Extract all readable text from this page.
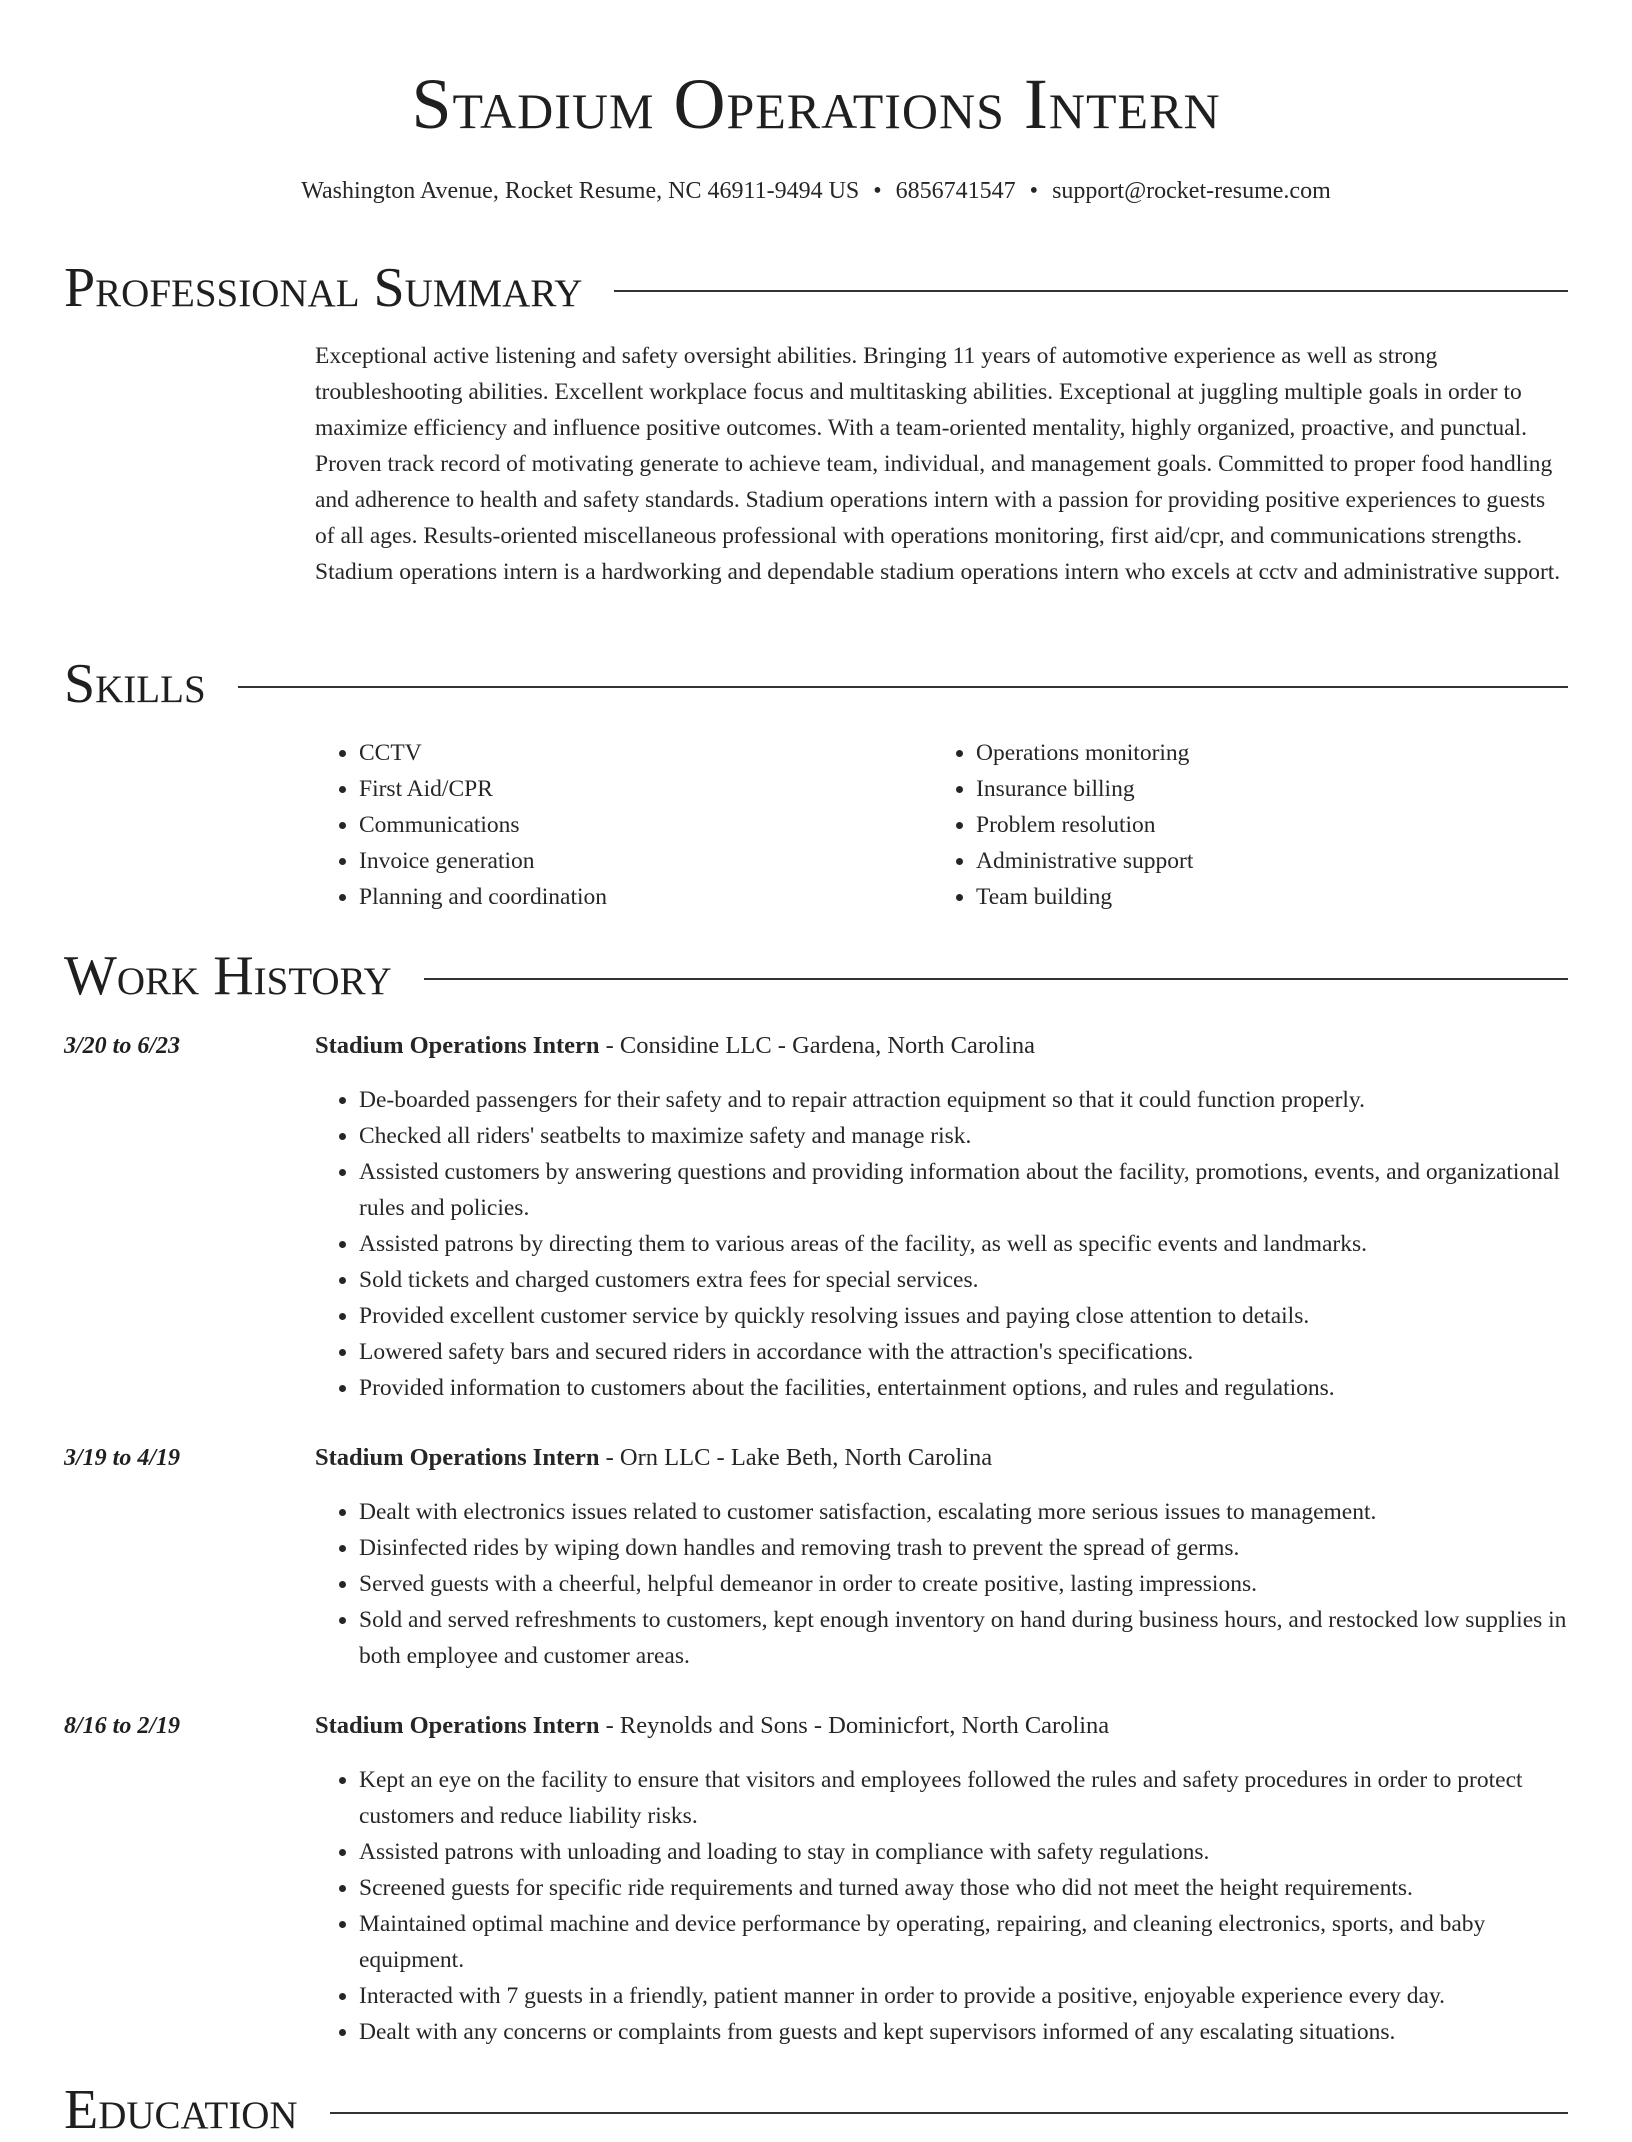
Stadium Operations Intern
Washington Avenue, Rocket Resume, NC 46911-9494 US • 6856741547 • support@rocket-resume.com
Professional Summary

Exceptional active listening and safety oversight abilities. Bringing 11 years of automotive experience as well as strong troubleshooting abilities. Excellent workplace focus and multitasking abilities. Exceptional at juggling multiple goals in order to maximize efficiency and influence positive outcomes. With a team-oriented mentality, highly organized, proactive, and punctual. Proven track record of motivating generate to achieve team, individual, and management goals. Committed to proper food handling and adherence to health and safety standards. Stadium operations intern with a passion for providing positive experiences to guests of all ages. Results-oriented miscellaneous professional with operations monitoring, first aid/cpr, and communications strengths. Stadium operations intern is a hardworking and dependable stadium operations intern who excels at cctv and administrative support.

Skills
• CCTV
• First Aid/CPR
• Communications
• Invoice generation
• Planning and coordination
• Operations monitoring
• Insurance billing
• Problem resolution
• Administrative support
• Team building
Work History
3/20 to 6/23	Stadium Operations Intern - Considine LLC - Gardena, North Carolina
• De-boarded passengers for their safety and to repair attraction equipment so that it could function properly.
• Checked all riders' seatbelts to maximize safety and manage risk.
• Assisted customers by answering questions and providing information about the facility, promotions, events, and organizational rules and policies.
• Assisted patrons by directing them to various areas of the facility, as well as specific events and landmarks.
• Sold tickets and charged customers extra fees for special services.
• Provided excellent customer service by quickly resolving issues and paying close attention to details.
• Lowered safety bars and secured riders in accordance with the attraction's specifications.
• Provided information to customers about the facilities, entertainment options, and rules and regulations.
3/19 to 4/19	Stadium Operations Intern - Orn LLC - Lake Beth, North Carolina
• Dealt with electronics issues related to customer satisfaction, escalating more serious issues to management.
• Disinfected rides by wiping down handles and removing trash to prevent the spread of germs.
• Served guests with a cheerful, helpful demeanor in order to create positive, lasting impressions.
• Sold and served refreshments to customers, kept enough inventory on hand during business hours, and restocked low supplies in both employee and customer areas.
8/16 to 2/19	Stadium Operations Intern - Reynolds and Sons - Dominicfort, North Carolina
• Kept an eye on the facility to ensure that visitors and employees followed the rules and safety procedures in order to protect customers and reduce liability risks.
• Assisted patrons with unloading and loading to stay in compliance with safety regulations.
• Screened guests for specific ride requirements and turned away those who did not meet the height requirements.
• Maintained optimal machine and device performance by operating, repairing, and cleaning electronics, sports, and baby equipment.
• Interacted with 7 guests in a friendly, patient manner in order to provide a positive, enjoyable experience every day.
• Dealt with any concerns or complaints from guests and kept supervisors informed of any escalating situations.
Education
